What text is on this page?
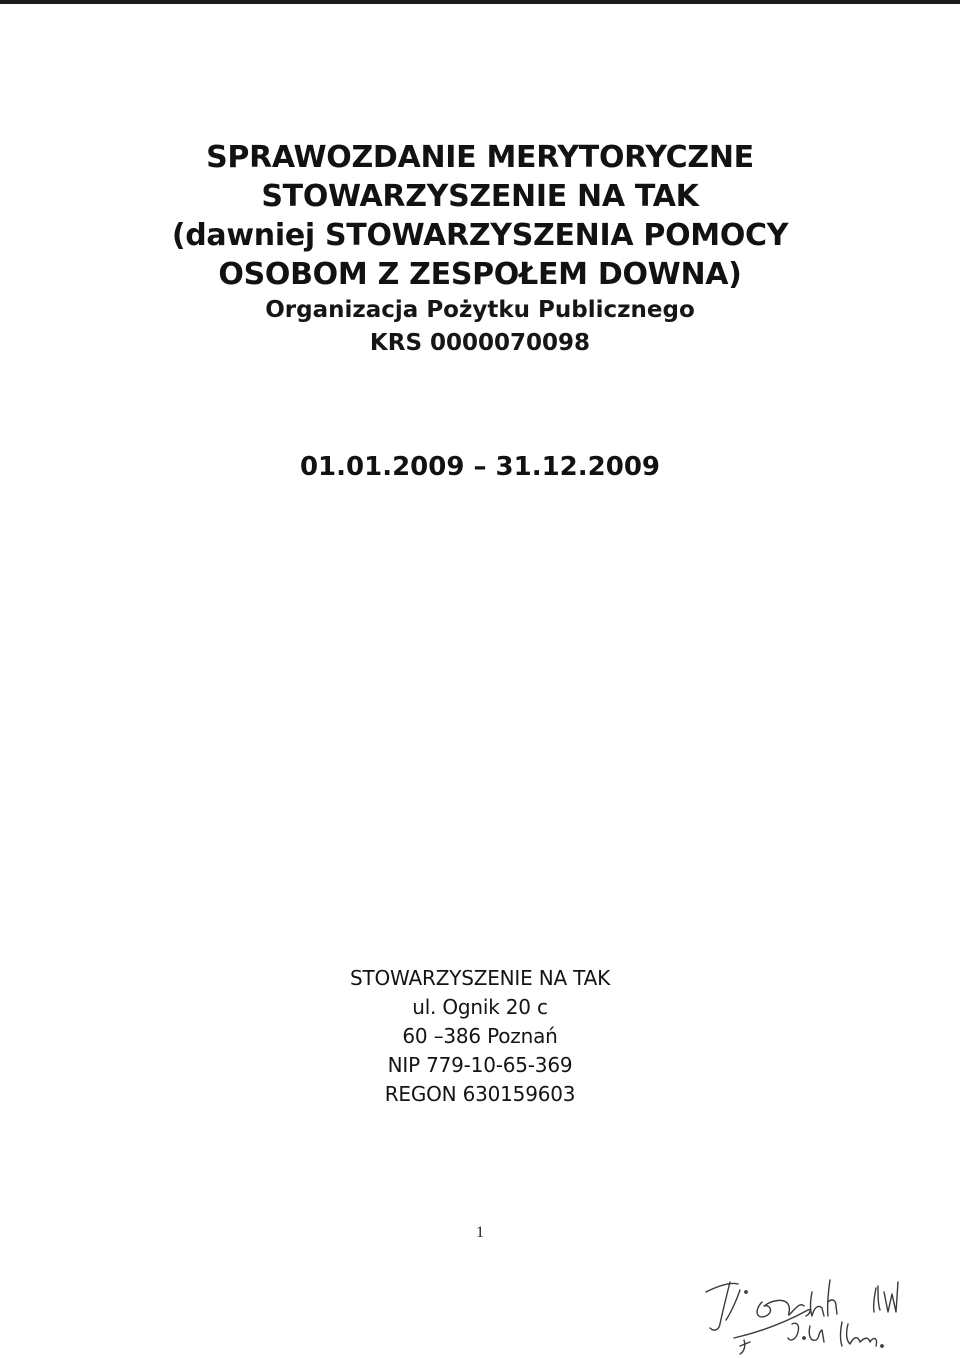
SPRAWOZDANIE MERYTORYCZNE
STOWARZYSZENIE NA TAK
(dawniej STOWARZYSZENIA POMOCY
OSOBOM Z ZESPOŁEM DOWNA)
Organizacja Pożytku Publicznego
KRS 0000070098
01.01.2009 – 31.12.2009
STOWARZYSZENIE NA TAK
ul. Ognik 20 c
60 –386 Poznań
NIP 779-10-65-369
REGON 630159603
1
